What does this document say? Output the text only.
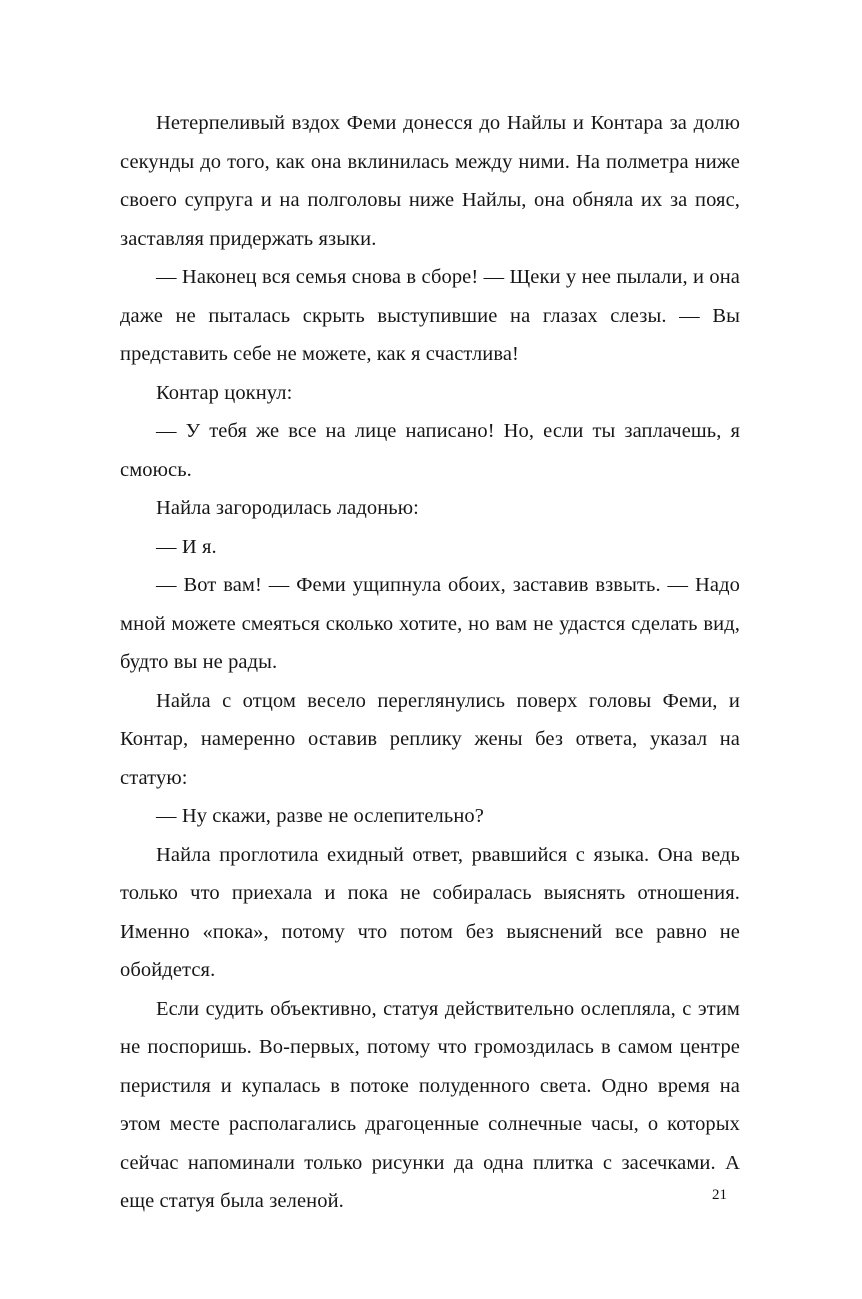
Нетерпеливый вздох Феми донесся до Найлы и Контара за долю секунды до того, как она вклинилась между ними. На полметра ниже своего супруга и на полголовы ниже Найлы, она обняла их за пояс, заставляя придержать языки.

— Наконец вся семья снова в сборе! — Щеки у нее пылали, и она даже не пыталась скрыть выступившие на глазах слезы. — Вы представить себе не можете, как я счастлива!

Контар цокнул:

— У тебя же все на лице написано! Но, если ты заплачешь, я смоюсь.

Найла загородилась ладонью:

— И я.

— Вот вам! — Феми ущипнула обоих, заставив взвыть. — Надо мной можете смеяться сколько хотите, но вам не удастся сделать вид, будто вы не рады.

Найла с отцом весело переглянулись поверх головы Феми, и Контар, намеренно оставив реплику жены без ответа, указал на статую:

— Ну скажи, разве не ослепительно?

Найла проглотила ехидный ответ, рвавшийся с языка. Она ведь только что приехала и пока не собиралась выяснять отношения. Именно «пока», потому что потом без выяснений все равно не обойдется.

Если судить объективно, статуя действительно ослепляла, с этим не поспоришь. Во-первых, потому что громоздилась в самом центре перистиля и купалась в потоке полуденного света. Одно время на этом месте располагались драгоценные солнечные часы, о которых сейчас напоминали только рисунки да одна плитка с засечками. А еще статуя была зеленой.	21
